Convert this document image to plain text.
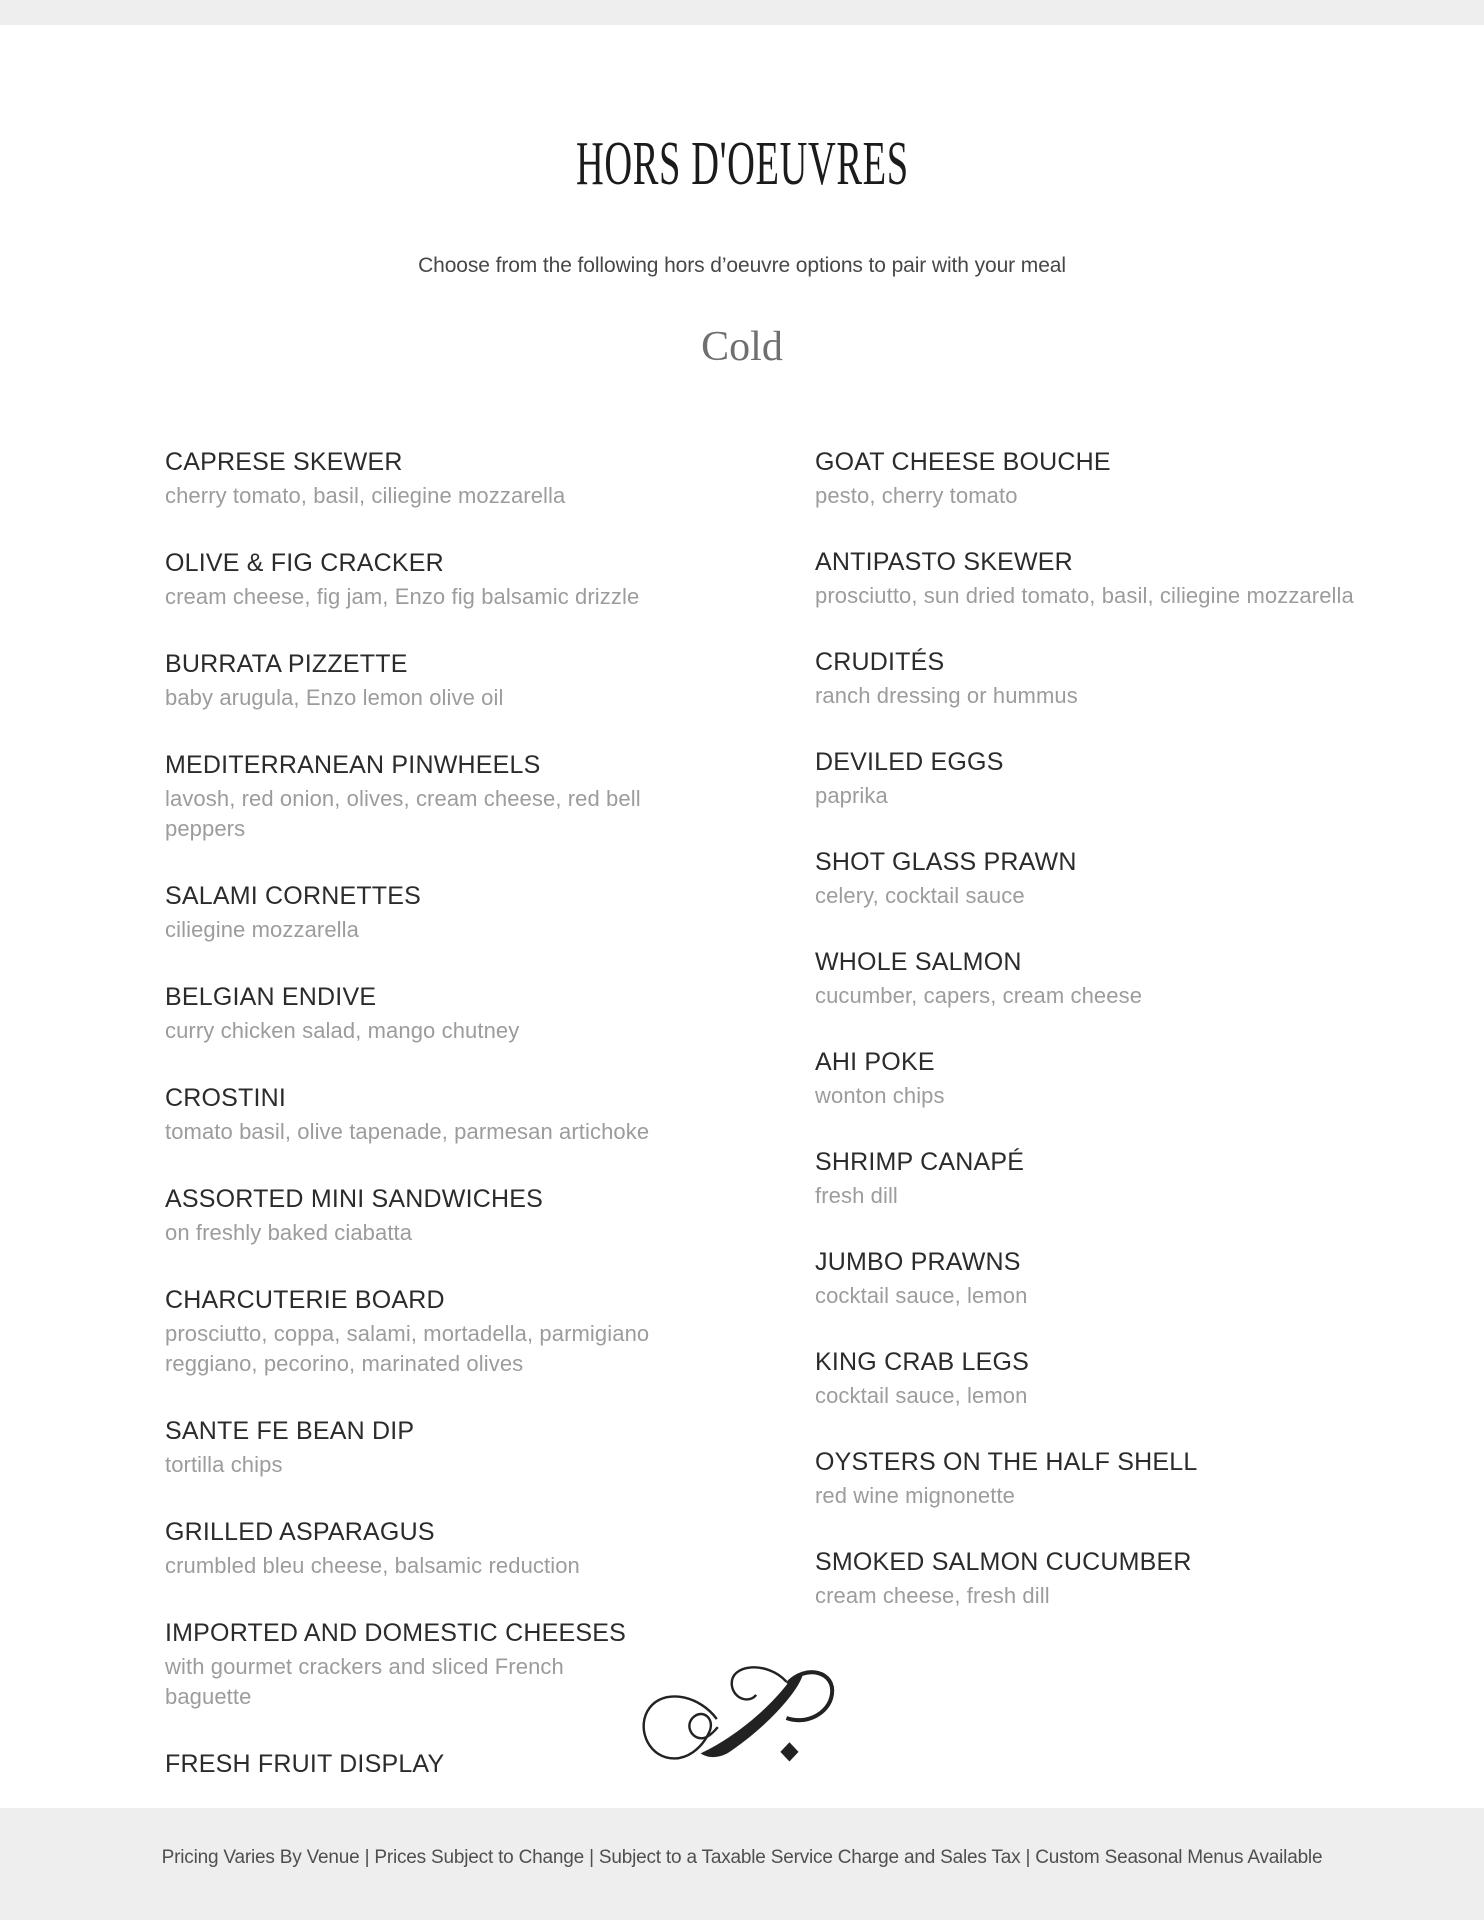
HORS D'OEUVRES
Choose from the following hors d’oeuvre options to pair with your meal
Cold
CAPRESE SKEWER
cherry tomato, basil, ciliegine mozzarella
OLIVE & FIG CRACKER
cream cheese, fig jam, Enzo fig balsamic drizzle
BURRATA PIZZETTE
baby arugula, Enzo lemon olive oil
MEDITERRANEAN PINWHEELS
lavosh, red onion, olives, cream cheese, red bell
peppers
SALAMI CORNETTES
ciliegine mozzarella
BELGIAN ENDIVE
curry chicken salad, mango chutney
CROSTINI
tomato basil, olive tapenade, parmesan artichoke
ASSORTED MINI SANDWICHES
on freshly baked ciabatta
CHARCUTERIE BOARD
prosciutto, coppa, salami, mortadella, parmigiano
reggiano, pecorino, marinated olives
SANTE FE BEAN DIP
tortilla chips
GRILLED ASPARAGUS
crumbled bleu cheese, balsamic reduction
IMPORTED AND DOMESTIC CHEESES
with gourmet crackers and sliced French
baguette
FRESH FRUIT DISPLAY
GOAT CHEESE BOUCHE
pesto, cherry tomato
ANTIPASTO SKEWER
prosciutto, sun dried tomato, basil, ciliegine mozzarella
CRUDITÉS
ranch dressing or hummus
DEVILED EGGS
paprika
SHOT GLASS PRAWN
celery, cocktail sauce
WHOLE SALMON
cucumber, capers, cream cheese
AHI POKE
wonton chips
SHRIMP CANAPÉ
fresh dill
JUMBO PRAWNS
cocktail sauce, lemon
KING CRAB LEGS
cocktail sauce, lemon
OYSTERS ON THE HALF SHELL
red wine mignonette
SMOKED SALMON CUCUMBER
cream cheese, fresh dill
Pricing Varies By Venue | Prices Subject to Change | Subject to a Taxable Service Charge and Sales Tax | Custom Seasonal Menus Available
